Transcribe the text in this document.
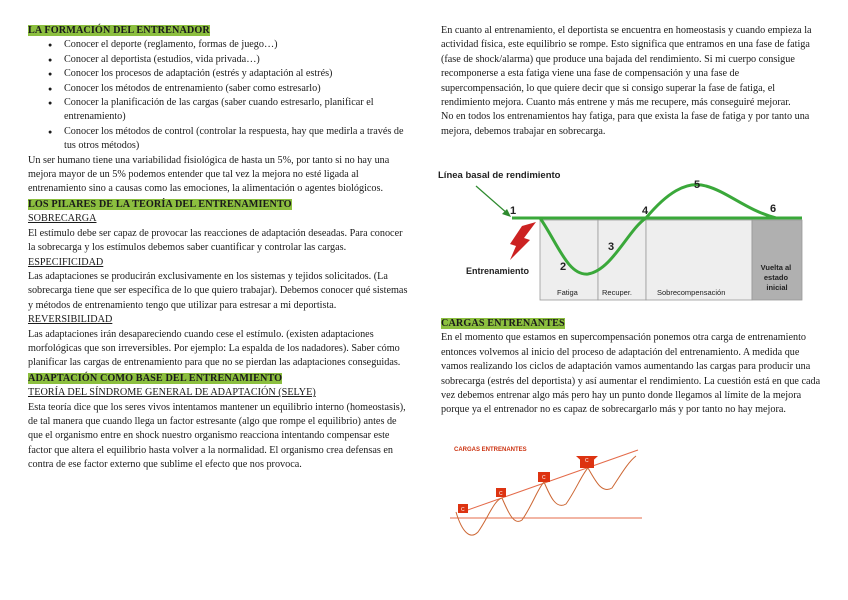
LA FORMACIÓN DEL ENTRENADOR

● Conocer el deporte (reglamento, formas de juego…)
● Conocer al deportista (estudios, vida privada…)
● Conocer los procesos de adaptación (estrés y adaptación al estrés)
● Conocer los métodos de entrenamiento (saber como estresarlo)
● Conocer la planificación de las cargas (saber cuando estresarlo, planificar el entrenamiento)
● Conocer los métodos de control (controlar la respuesta, hay que medirla a través de tus otros métodos)

Un ser humano tiene una variabilidad fisiológica de hasta un 5%, por tanto si no hay una mejora mayor de un 5% podemos entender que tal vez la mejora no esté ligada al entrenamiento sino a causas como las emociones, la alimentación o agentes biológicos.

LOS PILARES DE LA TEORÍA DEL ENTRENAMIENTO

SOBRECARGA

El estímulo debe ser capaz de provocar las reacciones de adaptación deseadas. Para conocer la sobrecarga y los estímulos debemos saber cuantificar y controlar las cargas.

ESPECIFICIDAD

Las adaptaciones se producirán exclusivamente en los sistemas y tejidos solicitados. (La sobrecarga tiene que ser específica de lo que quiero trabajar). Debemos conocer qué sistemas y métodos de entrenamiento tengo que utilizar para estresar a mi deportista.

REVERSIBILIDAD

Las adaptaciones irán desapareciendo cuando cese el estímulo. (existen adaptaciones morfológicas que son irreversibles. Por ejemplo: La espalda de los nadadores). Saber cómo planificar las cargas de entrenamiento para que no se pierdan las adaptaciones conseguidas.

ADAPTACIÓN COMO BASE DEL ENTRENAMIENTO

TEORÍA DEL SÍNDROME GENERAL DE ADAPTACIÓN (SELYE)

Esta teoría dice que los seres vivos intentamos mantener un equilibrio interno (homeostasis), de tal manera que cuando llega un factor estresante (algo que rompe el equilibrio) antes de que el organismo entre en shock nuestro organismo reacciona intentando compensar este factor que altera el equilibrio hasta volver a la normalidad. El organismo crea defensas en contra de ese factor externo que sublime el efecto que nos provoca.

En cuanto al entrenamiento, el deportista se encuentra en homeostasis y cuando empieza la actividad física, este equilibrio se rompe. Esto significa que entramos en una fase de fatiga (fase de shock/alarma) que produce una bajada del rendimiento. Si mi cuerpo consigue recomponerse a esta fatiga viene una fase de compensación y una fase de supercompensación, lo que quiere decir que si consigo superar la fase de fatiga, el rendimiento mejora. Cuanto más entrene y más me recupere, más conseguiré mejorar.

No en todos los entrenamientos hay fatiga, para que exista la fase de fatiga y por tanto una mejora, debemos trabajar en sobrecarga.

Línea basal de rendimiento
Entrenamiento
1
2
3
4
5
6
Fatiga	Recuper.	Sobrecompensación
Vuelta al estado inicial

CARGAS ENTRENANTES

En el momento que estamos en supercompensación ponemos otra carga de entrenamiento entonces volvemos al inicio del proceso de adaptación del entrenamiento. A medida que vamos realizando los ciclos de adaptación vamos aumentando las cargas para producir una sobrecarga (estrés del deportista) y así aumentar el rendimiento. La cuestión está en que cada vez debemos entrenar algo más pero hay un punto donde llegamos al límite de la mejora porque ya el entrenador no es capaz de sobrecargarlo más y por tanto no hay mejora.

CARGAS ENTRENANTES
C
C
C
C
